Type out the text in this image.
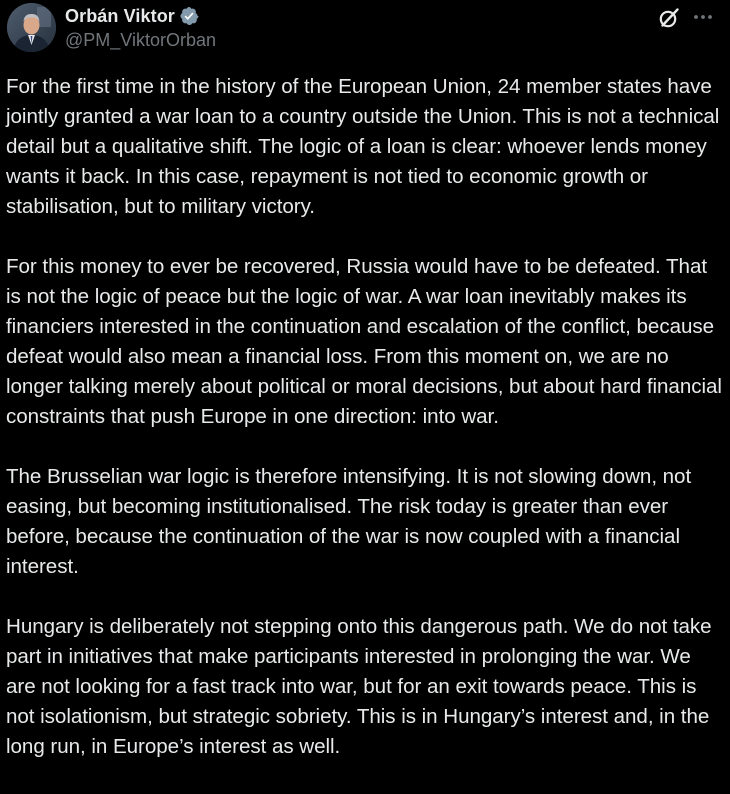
Orbán Viktor
@PM_ViktorOrban

For the first time in the history of the European Union, 24 member states have jointly granted a war loan to a country outside the Union. This is not a technical detail but a qualitative shift. The logic of a loan is clear: whoever lends money wants it back. In this case, repayment is not tied to economic growth or stabilisation, but to military victory.

For this money to ever be recovered, Russia would have to be defeated. That is not the logic of peace but the logic of war. A war loan inevitably makes its financiers interested in the continuation and escalation of the conflict, because defeat would also mean a financial loss. From this moment on, we are no longer talking merely about political or moral decisions, but about hard financial constraints that push Europe in one direction: into war.

The Brusselian war logic is therefore intensifying. It is not slowing down, not easing, but becoming institutionalised. The risk today is greater than ever before, because the continuation of the war is now coupled with a financial interest.

Hungary is deliberately not stepping onto this dangerous path. We do not take part in initiatives that make participants interested in prolonging the war. We are not looking for a fast track into war, but for an exit towards peace. This is not isolationism, but strategic sobriety. This is in Hungary’s interest and, in the long run, in Europe’s interest as well.
